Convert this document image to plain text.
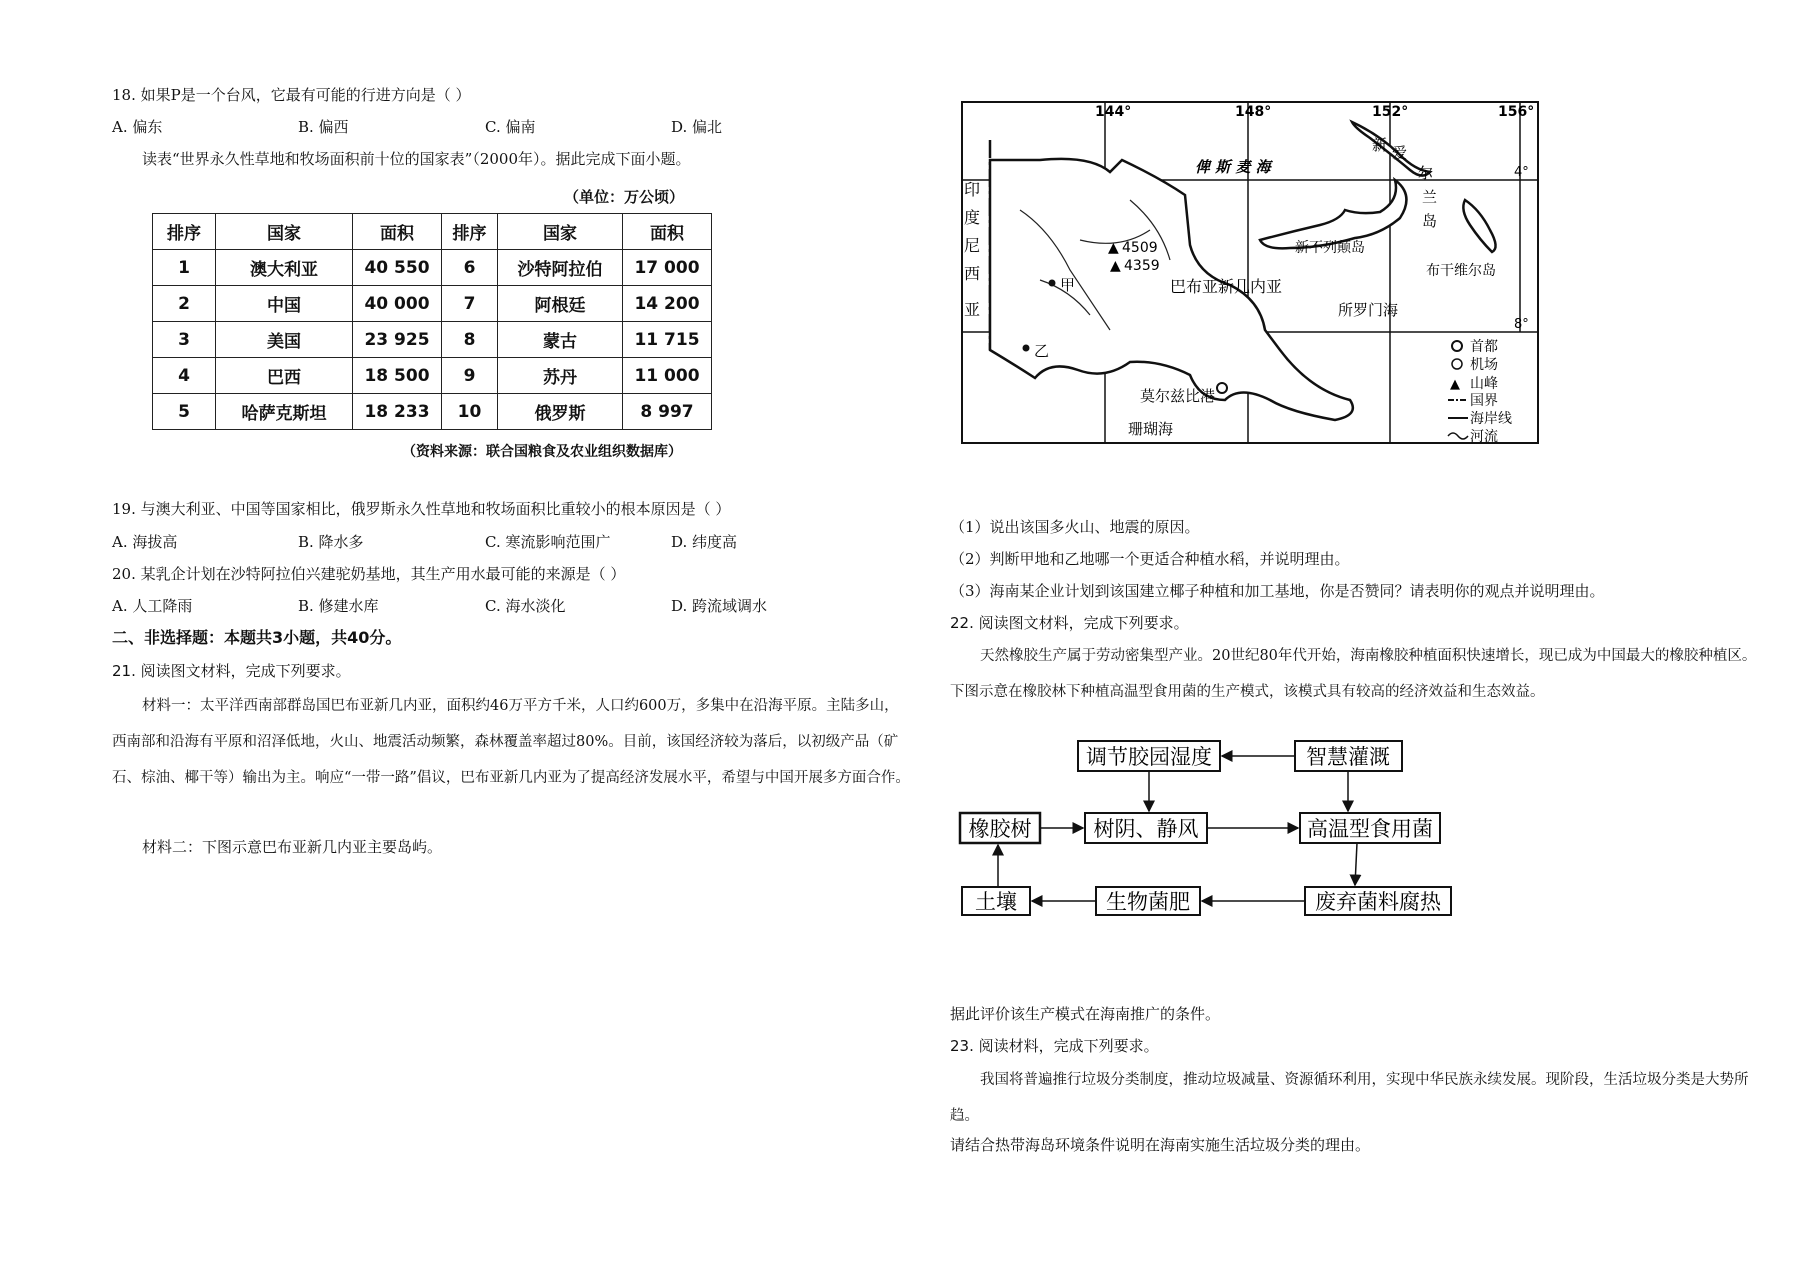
18. 如果P是一个台风，它最有可能的行进方向是（ ）
A. 偏东	B. 偏西	C. 偏南	D. 偏北
读表“世界永久性草地和牧场面积前十位的国家表”（2000年）。据此完成下面小题。
（单位：万公顷）
排序	国家	面积	排序	国家	面积
1	澳大利亚	40 550	6	沙特阿拉伯	17 000
2	中国	40 000	7	阿根廷	14 200
3	美国	23 925	8	蒙古	11 715
4	巴西	18 500	9	苏丹	11 000
5	哈萨克斯坦	18 233	10	俄罗斯	8 997
（资料来源：联合国粮食及农业组织数据库）
19. 与澳大利亚、中国等国家相比，俄罗斯永久性草地和牧场面积比重较小的根本原因是（ ）
A. 海拔高	B. 降水多	C. 寒流影响范围广	D. 纬度高
20. 某乳企计划在沙特阿拉伯兴建驼奶基地，其生产用水最可能的来源是（ ）
A. 人工降雨	B. 修建水库	C. 海水淡化	D. 跨流域调水
二、非选择题：本题共3小题，共40分。
21. 阅读图文材料，完成下列要求。
材料一：太平洋西南部群岛国巴布亚新几内亚，面积约46万平方千米，人口约600万，多集中在沿海平原。主陆多山，西南部和沿海有平原和沼泽低地，火山、地震活动频繁，森林覆盖率超过80%。目前，该国经济较为落后，以初级产品（矿石、棕油、椰干等）输出为主。响应“一带一路”倡议，巴布亚新几内亚为了提高经济发展水平，希望与中国开展多方面合作。
材料二：下图示意巴布亚新几内亚主要岛屿。
144°	148°	152°	156°
4°
8°
俾 斯 麦 海
印
度
尼
西
亚
新 爱
尔
兰
岛
新不列颠岛
布干维尔岛
▲ 4509
▲ 4359
甲
乙
巴布亚新几内亚
所罗门海
莫尔兹比港
珊瑚海
首都
机场
▲ 山峰
国界
海岸线
河流
（1）说出该国多火山、地震的原因。
（2）判断甲地和乙地哪一个更适合种植水稻，并说明理由。
（3）海南某企业计划到该国建立椰子种植和加工基地，你是否赞同？请表明你的观点并说明理由。
22. 阅读图文材料，完成下列要求。
天然橡胶生产属于劳动密集型产业。20世纪80年代开始，海南橡胶种植面积快速增长，现已成为中国最大的橡胶种植区。下图示意在橡胶林下种植高温型食用菌的生产模式，该模式具有较高的经济效益和生态效益。
调节胶园湿度	智慧灌溉
橡胶树	树阴、静风	高温型食用菌
土壤	生物菌肥	废弃菌料腐热
据此评价该生产模式在海南推广的条件。
23. 阅读材料，完成下列要求。
我国将普遍推行垃圾分类制度，推动垃圾减量、资源循环利用，实现中华民族永续发展。现阶段，生活垃圾分类是大势所趋。
请结合热带海岛环境条件说明在海南实施生活垃圾分类的理由。
